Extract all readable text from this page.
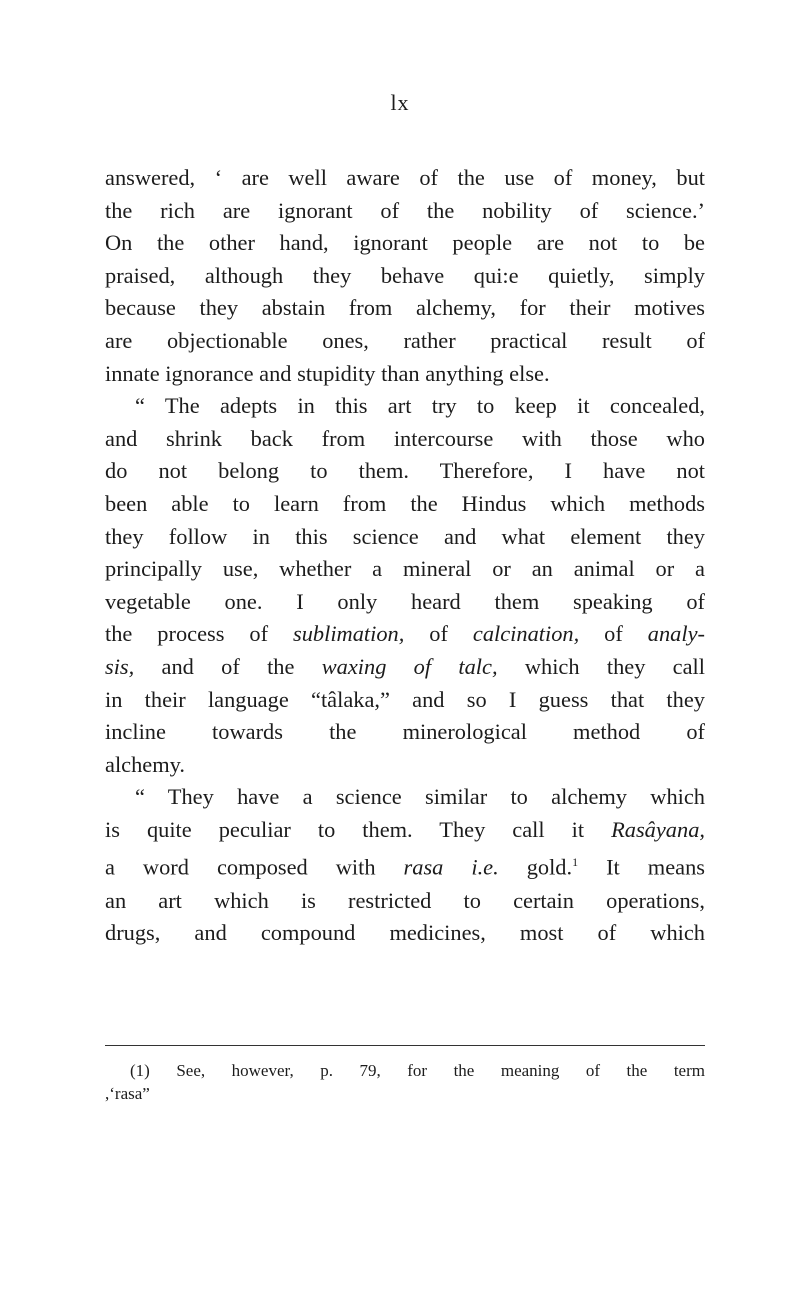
lx
answered, ‘ are well aware of the use of money, but
the rich are ignorant of the nobility of science.’
On the other hand, ignorant people are not to be
praised, although they behave qui:e quietly, simply
because they abstain from alchemy, for their motives
are objectionable ones, rather practical result of
innate ignorance and stupidity than anything else.
“ The adepts in this art try to keep it concealed,
and shrink back from intercourse with those who
do not belong to them. Therefore, I have not
been able to learn from the Hindus which methods
they follow in this science and what element they
principally use, whether a mineral or an animal or a
vegetable one. I only heard them speaking of
the process of sublimation, of calcination, of analy-
sis, and of the waxing of talc, which they call
in their language “tâlaka,” and so I guess that they
incline towards the minerological method of
alchemy.
“ They have a science similar to alchemy which
is quite peculiar to them. They call it Rasâyana,
a word composed with rasa i.e. gold.$^1$ It means
an art which is restricted to certain operations,
drugs, and compound medicines, most of which
(1) See, however, p. 79, for the meaning of the term
,‘rasa”
